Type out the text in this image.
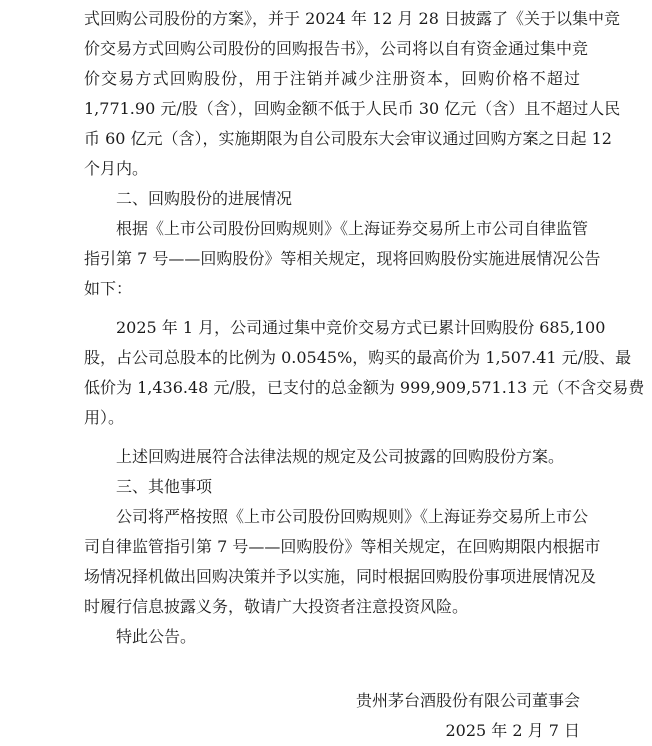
式回购公司股份的方案》，并于 2024 年 12 月 28 日披露了《关于以集中竞
价交易方式回购公司股份的回购报告书》，公司将以自有资金通过集中竞
价交易方式回购股份，用于注销并减少注册资本，回购价格不超过
1,771.90 元/股（含），回购金额不低于人民币 30 亿元（含）且不超过人民
币 60 亿元（含），实施期限为自公司股东大会审议通过回购方案之日起 12
个月内。
二、回购股份的进展情况
根据《上市公司股份回购规则》《上海证券交易所上市公司自律监管
指引第 7 号——回购股份》等相关规定，现将回购股份实施进展情况公告
如下：
2025 年 1 月，公司通过集中竞价交易方式已累计回购股份 685,100
股，占公司总股本的比例为 0.0545%，购买的最高价为 1,507.41 元/股、最
低价为 1,436.48 元/股，已支付的总金额为 999,909,571.13 元（不含交易费
用）。
上述回购进展符合法律法规的规定及公司披露的回购股份方案。
三、其他事项
公司将严格按照《上市公司股份回购规则》《上海证券交易所上市公
司自律监管指引第 7 号——回购股份》等相关规定，在回购期限内根据市
场情况择机做出回购决策并予以实施，同时根据回购股份事项进展情况及
时履行信息披露义务，敬请广大投资者注意投资风险。
特此公告。
贵州茅台酒股份有限公司董事会
2025 年 2 月 7 日
